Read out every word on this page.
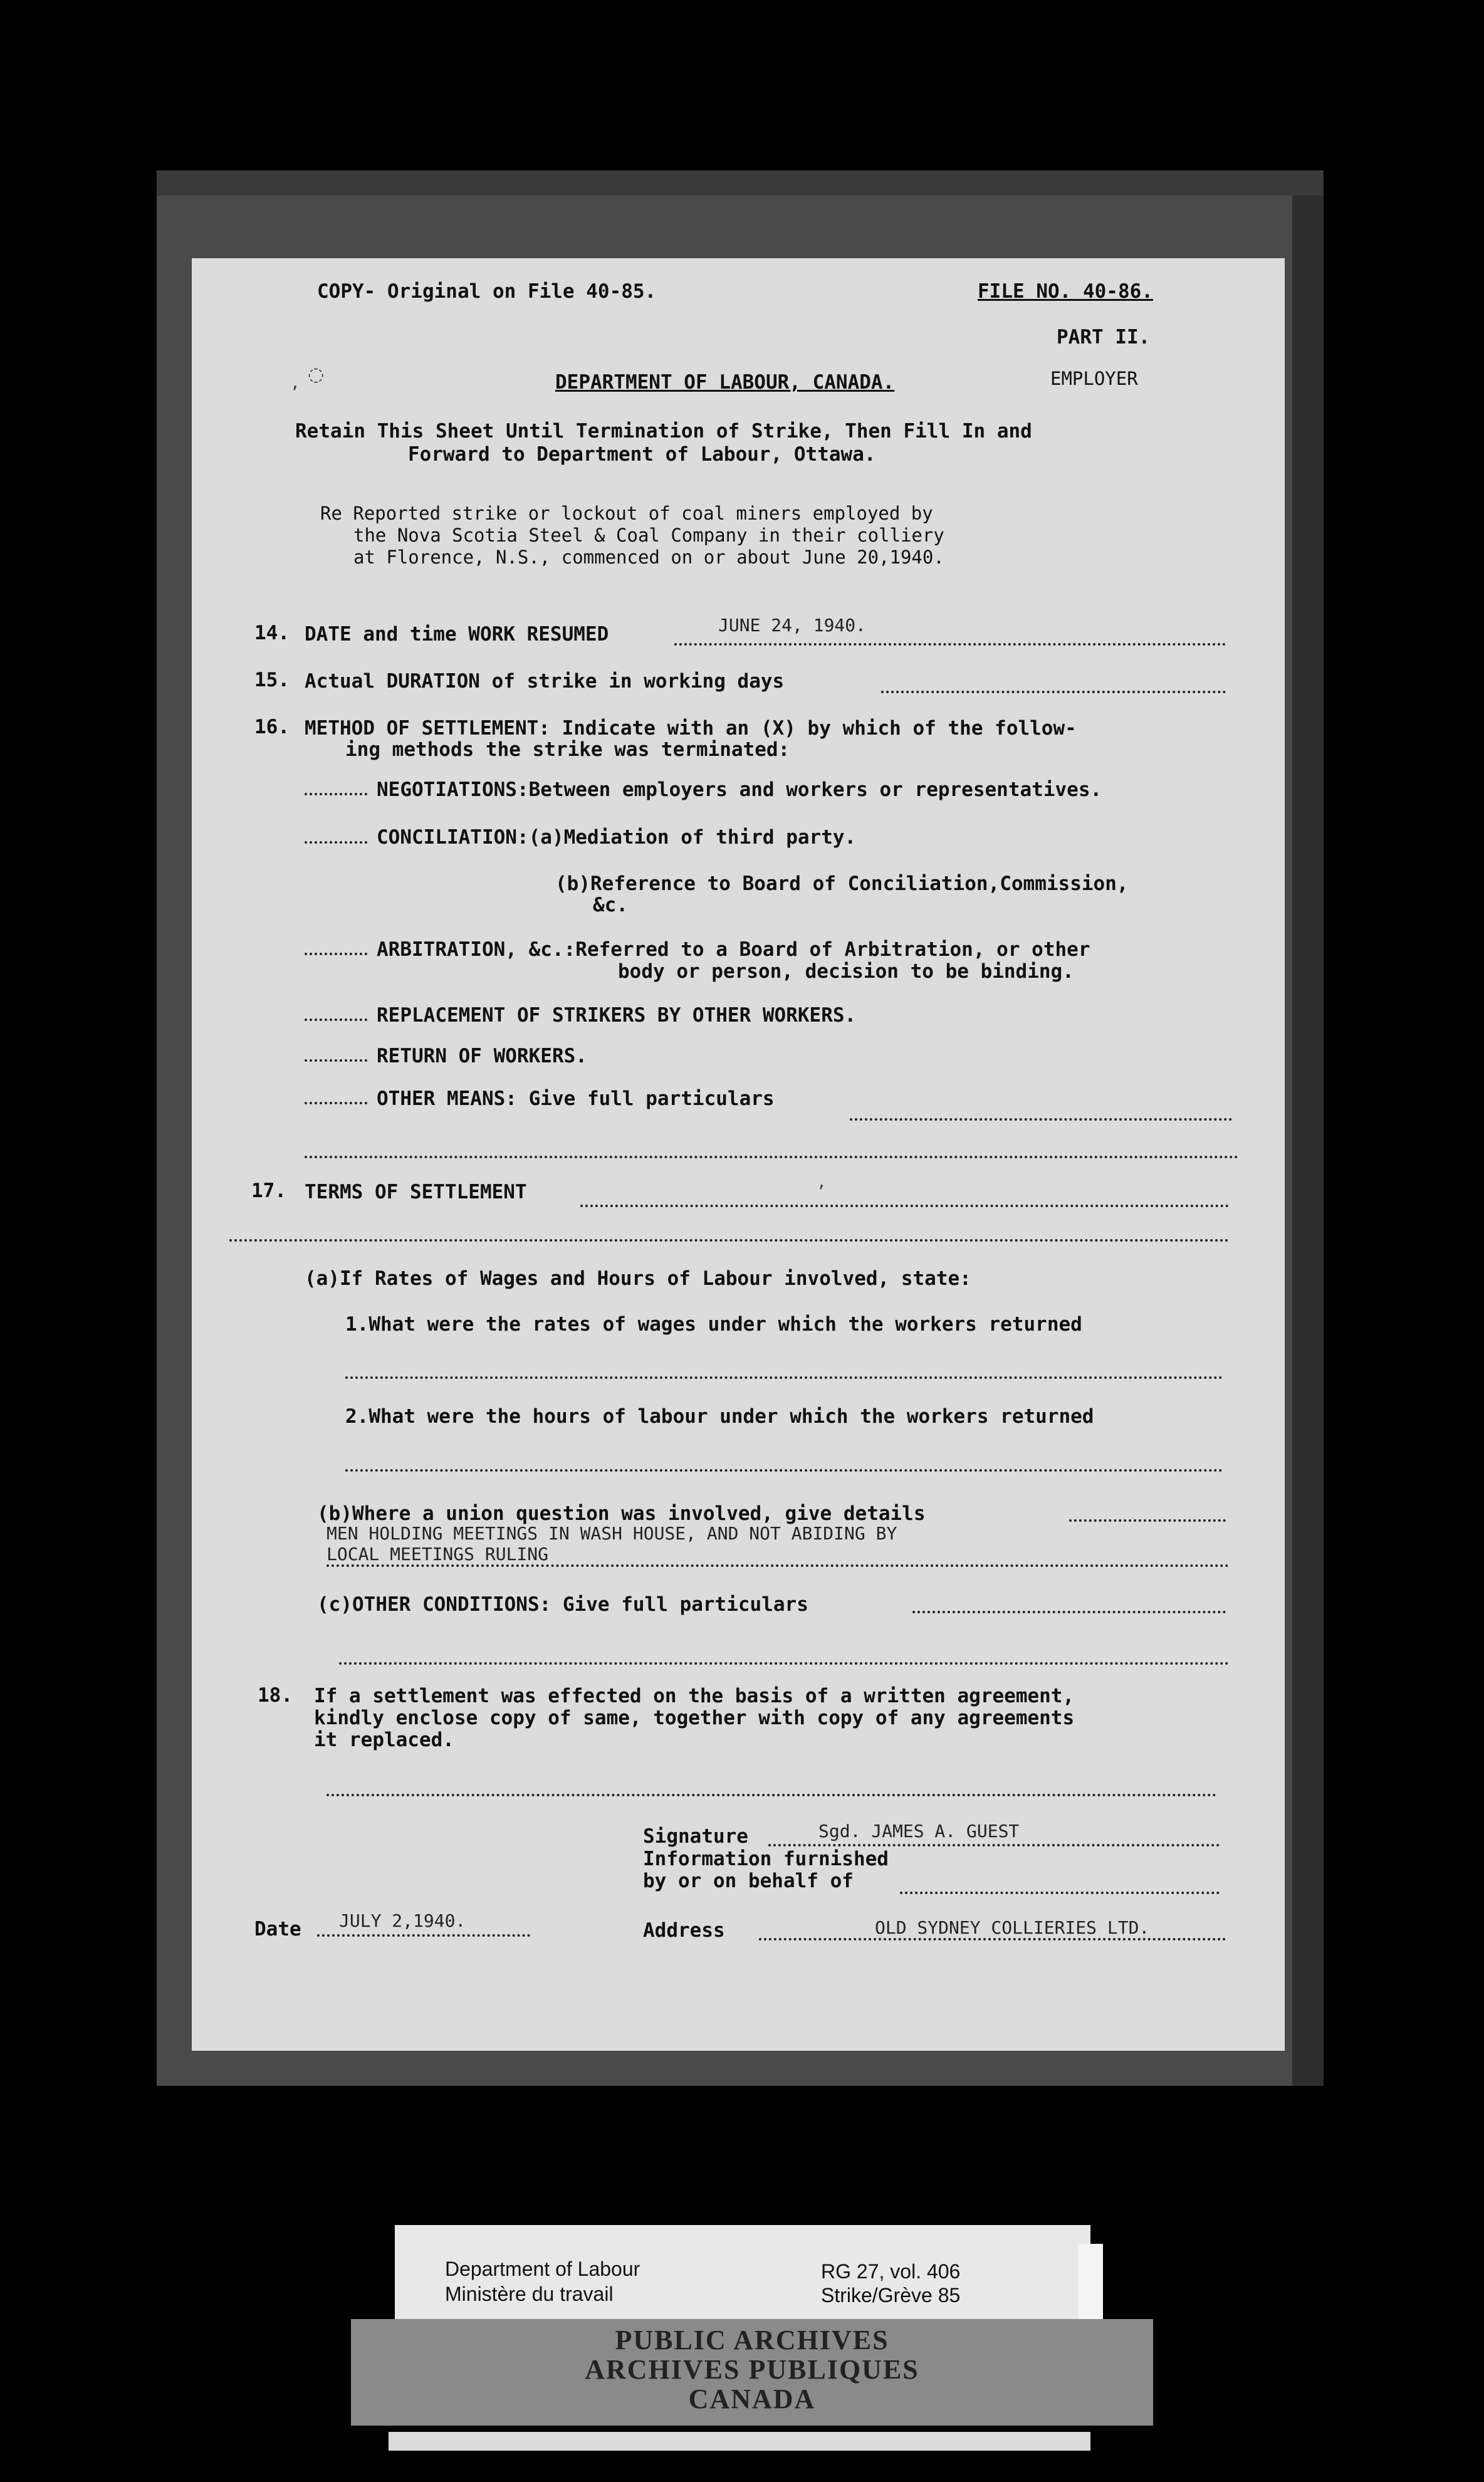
, ◌
COPY- Original on File 40-85.	FILE NO. 40-86.
PART II.
EMPLOYER
DEPARTMENT OF LABOUR, CANADA.
Retain This Sheet Until Termination of Strike, Then Fill In and
Forward to Department of Labour, Ottawa.
Re Reported strike or lockout of coal miners employed by
the Nova Scotia Steel & Coal Company in their colliery
at Florence, N.S., commenced on or about June 20,1940.
14. DATE and time WORK RESUMED	JUNE 24, 1940.
15. Actual DURATION of strike in working days
16. METHOD OF SETTLEMENT: Indicate with an (X) by which of the follow-
ing methods the strike was terminated:
NEGOTIATIONS:Between employers and workers or representatives.
CONCILIATION:(a)Mediation of third party.
(b)Reference to Board of Conciliation,Commission,
&c.
ARBITRATION, &c.:Referred to a Board of Arbitration, or other
body or person, decision to be binding.
REPLACEMENT OF STRIKERS BY OTHER WORKERS.
RETURN OF WORKERS.
OTHER MEANS: Give full particulars
17. TERMS OF SETTLEMENT
(a)If Rates of Wages and Hours of Labour involved, state:
1.What were the rates of wages under which the workers returned
2.What were the hours of labour under which the workers returned
(b)Where a union question was involved, give details
MEN HOLDING MEETINGS IN WASH HOUSE, AND NOT ABIDING BY
LOCAL MEETINGS RULING
(c)OTHER CONDITIONS: Give full particulars
18. If a settlement was effected on the basis of a written agreement,
kindly enclose copy of same, together with copy of any agreements
it replaced.
Signature	Sgd. JAMES A. GUEST
Information furnished
by or on behalf of
Date JULY 2,1940.	Address	OLD SYDNEY COLLIERIES LTD.
,
Department of Labour
Ministère du travail
RG 27, vol. 406
Strike/Grève 85
PUBLIC ARCHIVES
ARCHIVES PUBLIQUES
CANADA
